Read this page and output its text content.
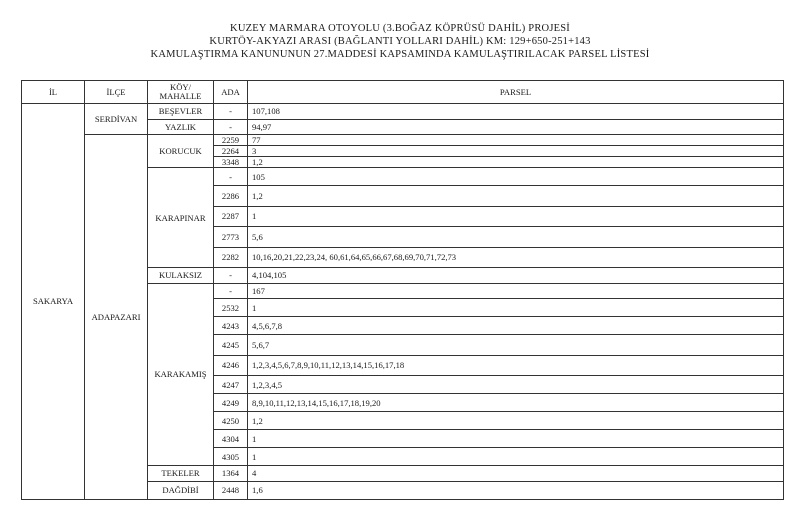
KUZEY MARMARA OTOYOLU (3.BOĞAZ KÖPRÜSÜ DAHİL) PROJESİ
KURTÖY-AKYAZI ARASI (BAĞLANTI YOLLARI DAHİL) KM: 129+650-251+143
KAMULAŞTIRMA KANUNUNUN 27.MADDESİ KAPSAMINDA KAMULAŞTIRILACAK PARSEL LİSTESİ
İL	İLÇE	KÖY/ MAHALLE	ADA	PARSEL
SAKARYA	SERDİVAN	BEŞEVLER	-	107,108
		YAZLIK	-	94,97
	ADAPAZARI	KORUCUK	2259	77
			2264	3
			3348	1,2
		KARAPINAR	-	105
			2286	1,2
			2287	1
			2773	5,6
			2282	10,16,20,21,22,23,24, 60,61,64,65,66,67,68,69,70,71,72,73
		KULAKSIZ	-	4,104,105
		KARAKAMIŞ	-	167
			2532	1
			4243	4,5,6,7,8
			4245	5,6,7
			4246	1,2,3,4,5,6,7,8,9,10,11,12,13,14,15,16,17,18
			4247	1,2,3,4,5
			4249	8,9,10,11,12,13,14,15,16,17,18,19,20
			4250	1,2
			4304	1
			4305	1
		TEKELER	1364	4
		DAĞDİBİ	2448	1,6
